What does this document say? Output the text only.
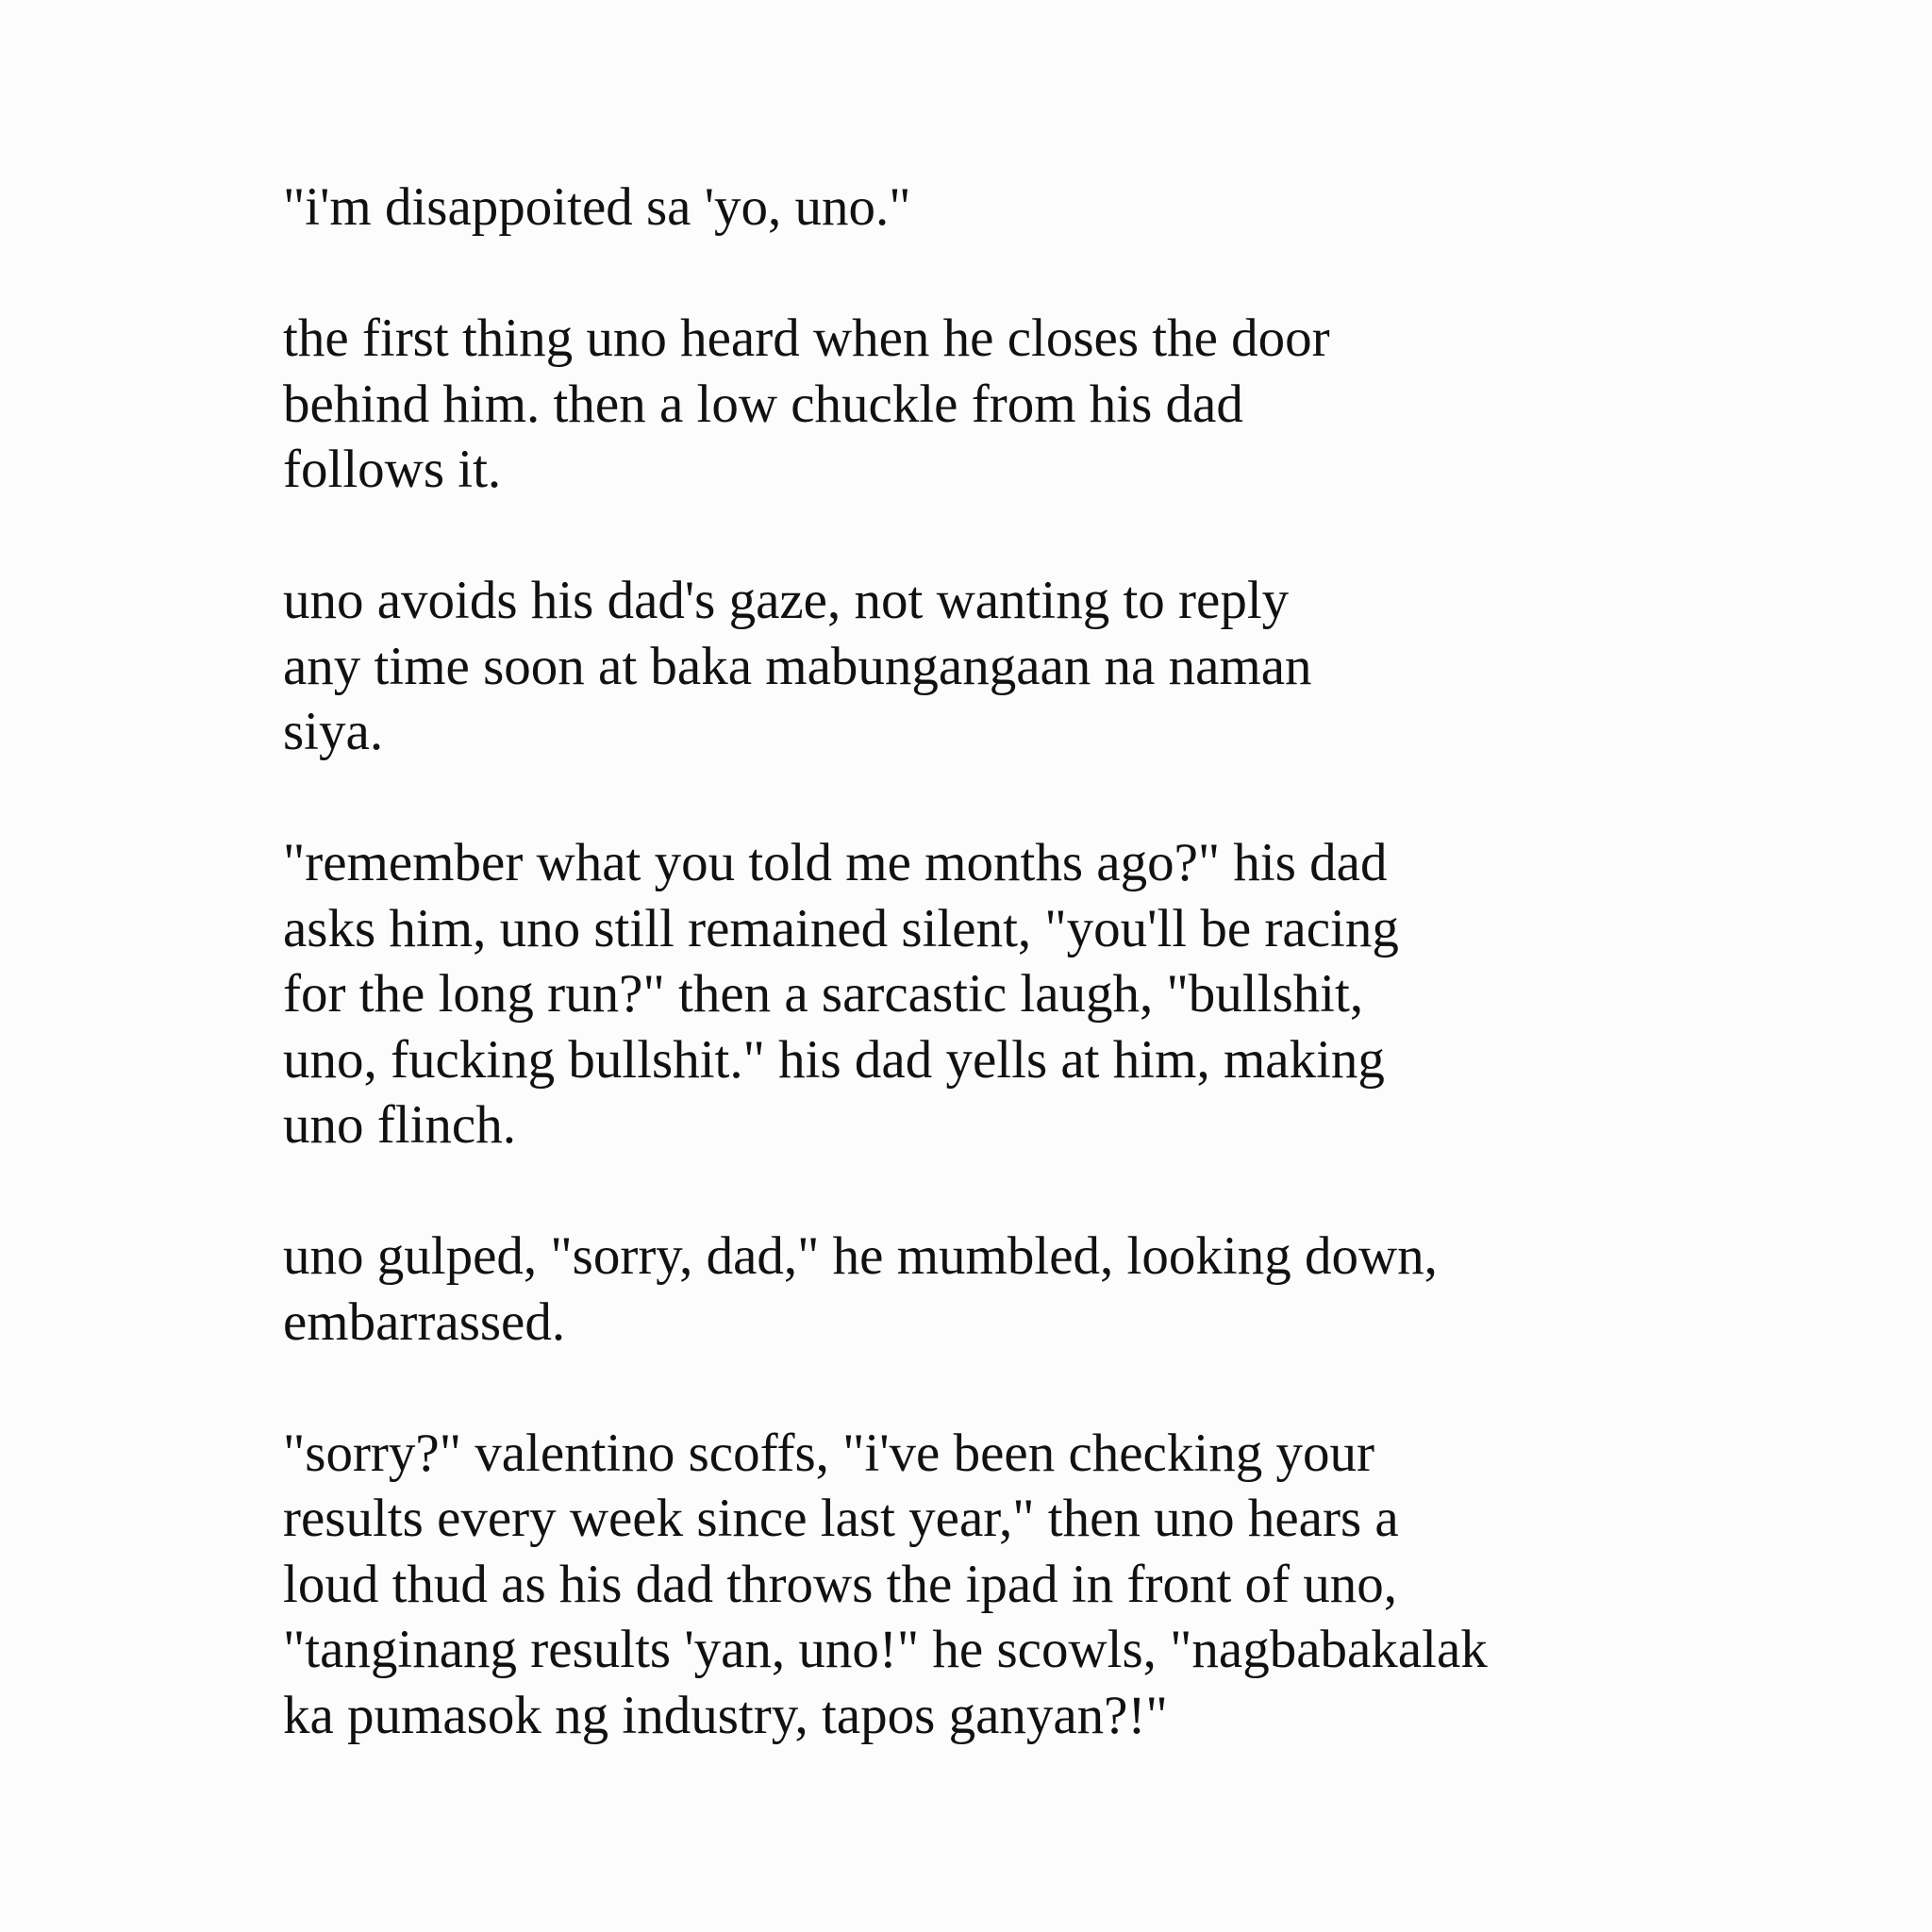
"i'm disappoited sa 'yo, uno."

the first thing uno heard when he closes the door
behind him. then a low chuckle from his dad
follows it.

uno avoids his dad's gaze, not wanting to reply
any time soon at baka mabungangaan na naman
siya.

"remember what you told me months ago?" his dad
asks him, uno still remained silent, "you'll be racing
for the long run?" then a sarcastic laugh, "bullshit,
uno, fucking bullshit." his dad yells at him, making
uno flinch.

uno gulped, "sorry, dad," he mumbled, looking down,
embarrassed.

"sorry?" valentino scoffs, "i've been checking your
results every week since last year," then uno hears a
loud thud as his dad throws the ipad in front of uno,
"tanginang results 'yan, uno!" he scowls, "nagbabakalak
ka pumasok ng industry, tapos ganyan?!"
